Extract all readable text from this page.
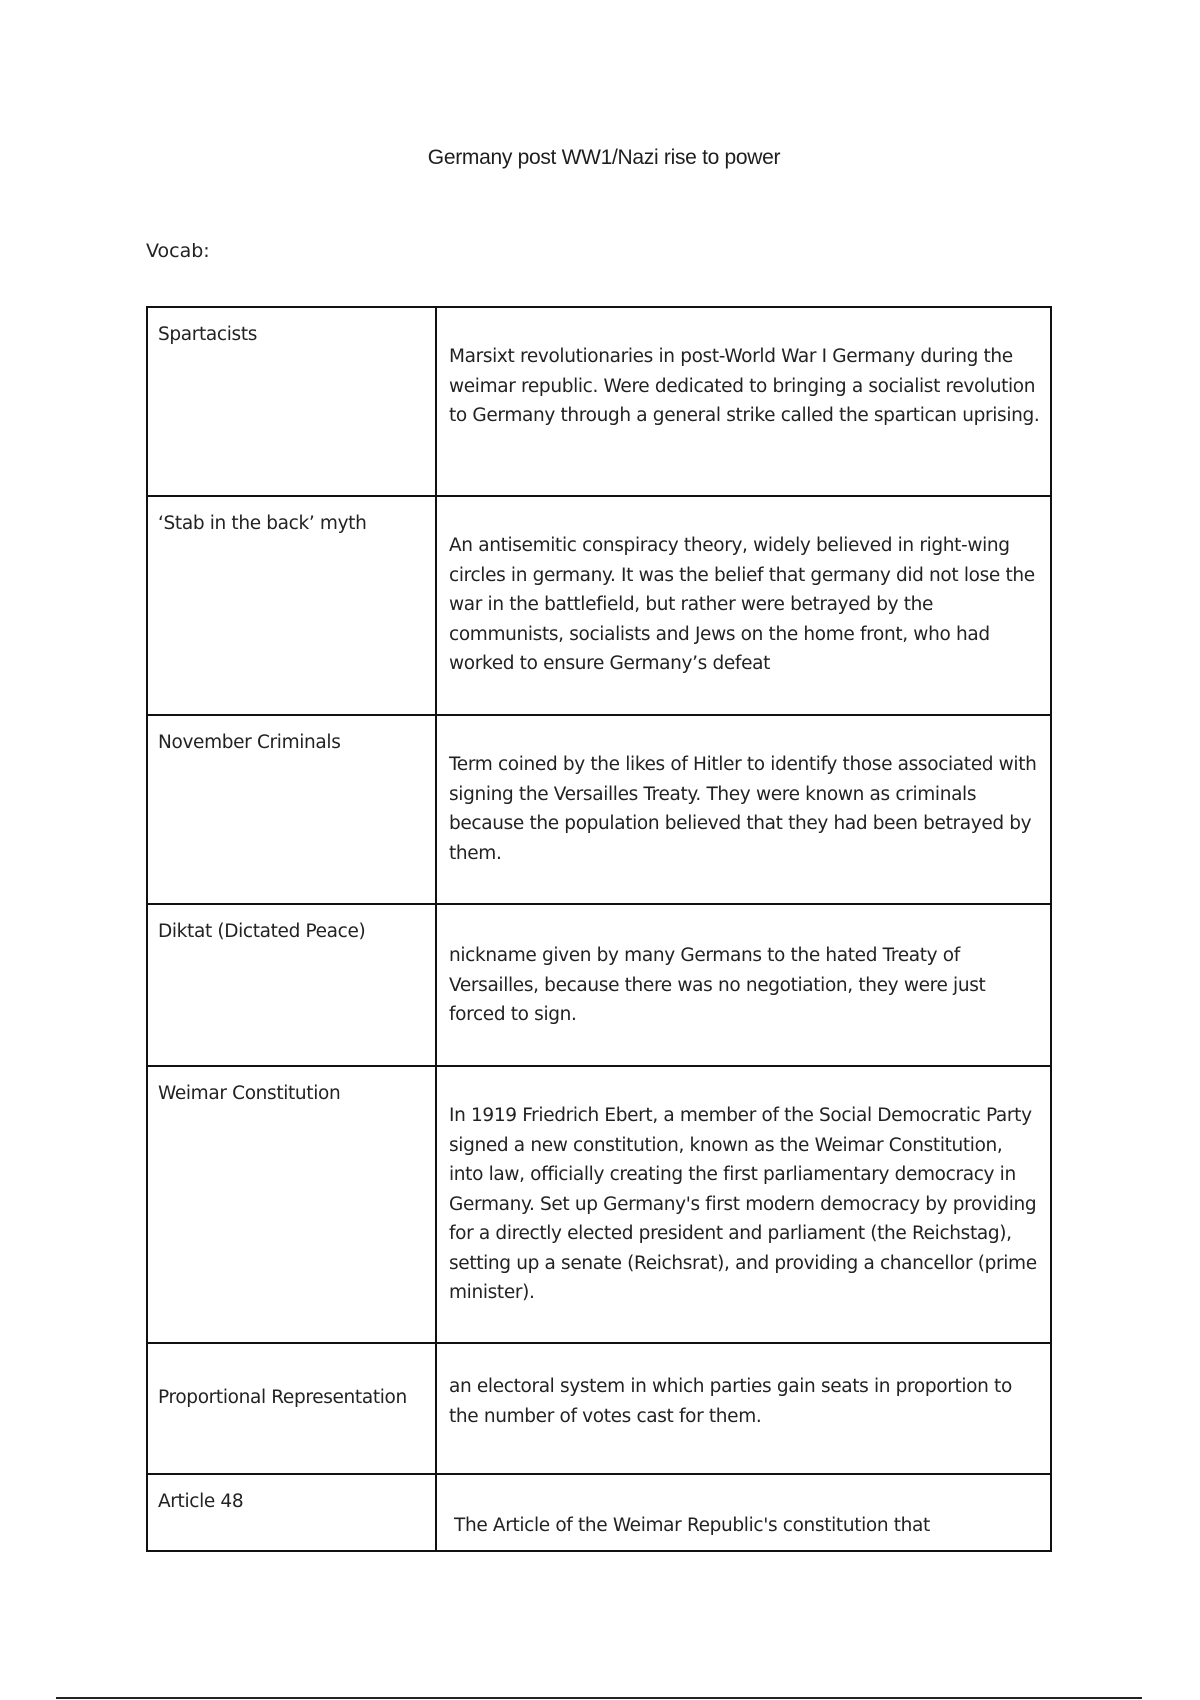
Germany post WW1/Nazi rise to power
Vocab:
Spartacists	Marsixt revolutionaries in post-World War I Germany during the weimar republic. Were dedicated to bringing a socialist revolution to Germany through a general strike called the spartican uprising.

‘Stab in the back’ myth	An antisemitic conspiracy theory, widely believed in right-wing circles in germany. It was the belief that germany did not lose the war in the battlefield, but rather were betrayed by the communists, socialists and Jews on the home front, who had worked to ensure Germany’s defeat

November Criminals	Term coined by the likes of Hitler to identify those associated with signing the Versailles Treaty. They were known as criminals because the population believed that they had been betrayed by them.

Diktat (Dictated Peace)	nickname given by many Germans to the hated Treaty of Versailles, because there was no negotiation, they were just forced to sign.

Weimar Constitution	In 1919 Friedrich Ebert, a member of the Social Democratic Party signed a new constitution, known as the Weimar Constitution, into law, officially creating the first parliamentary democracy in Germany. Set up Germany's first modern democracy by providing for a directly elected president and parliament (the Reichstag), setting up a senate (Reichsrat), and providing a chancellor (prime minister).

Proportional Representation	an electoral system in which parties gain seats in proportion to the number of votes cast for them.

Article 48	The Article of the Weimar Republic's constitution that
